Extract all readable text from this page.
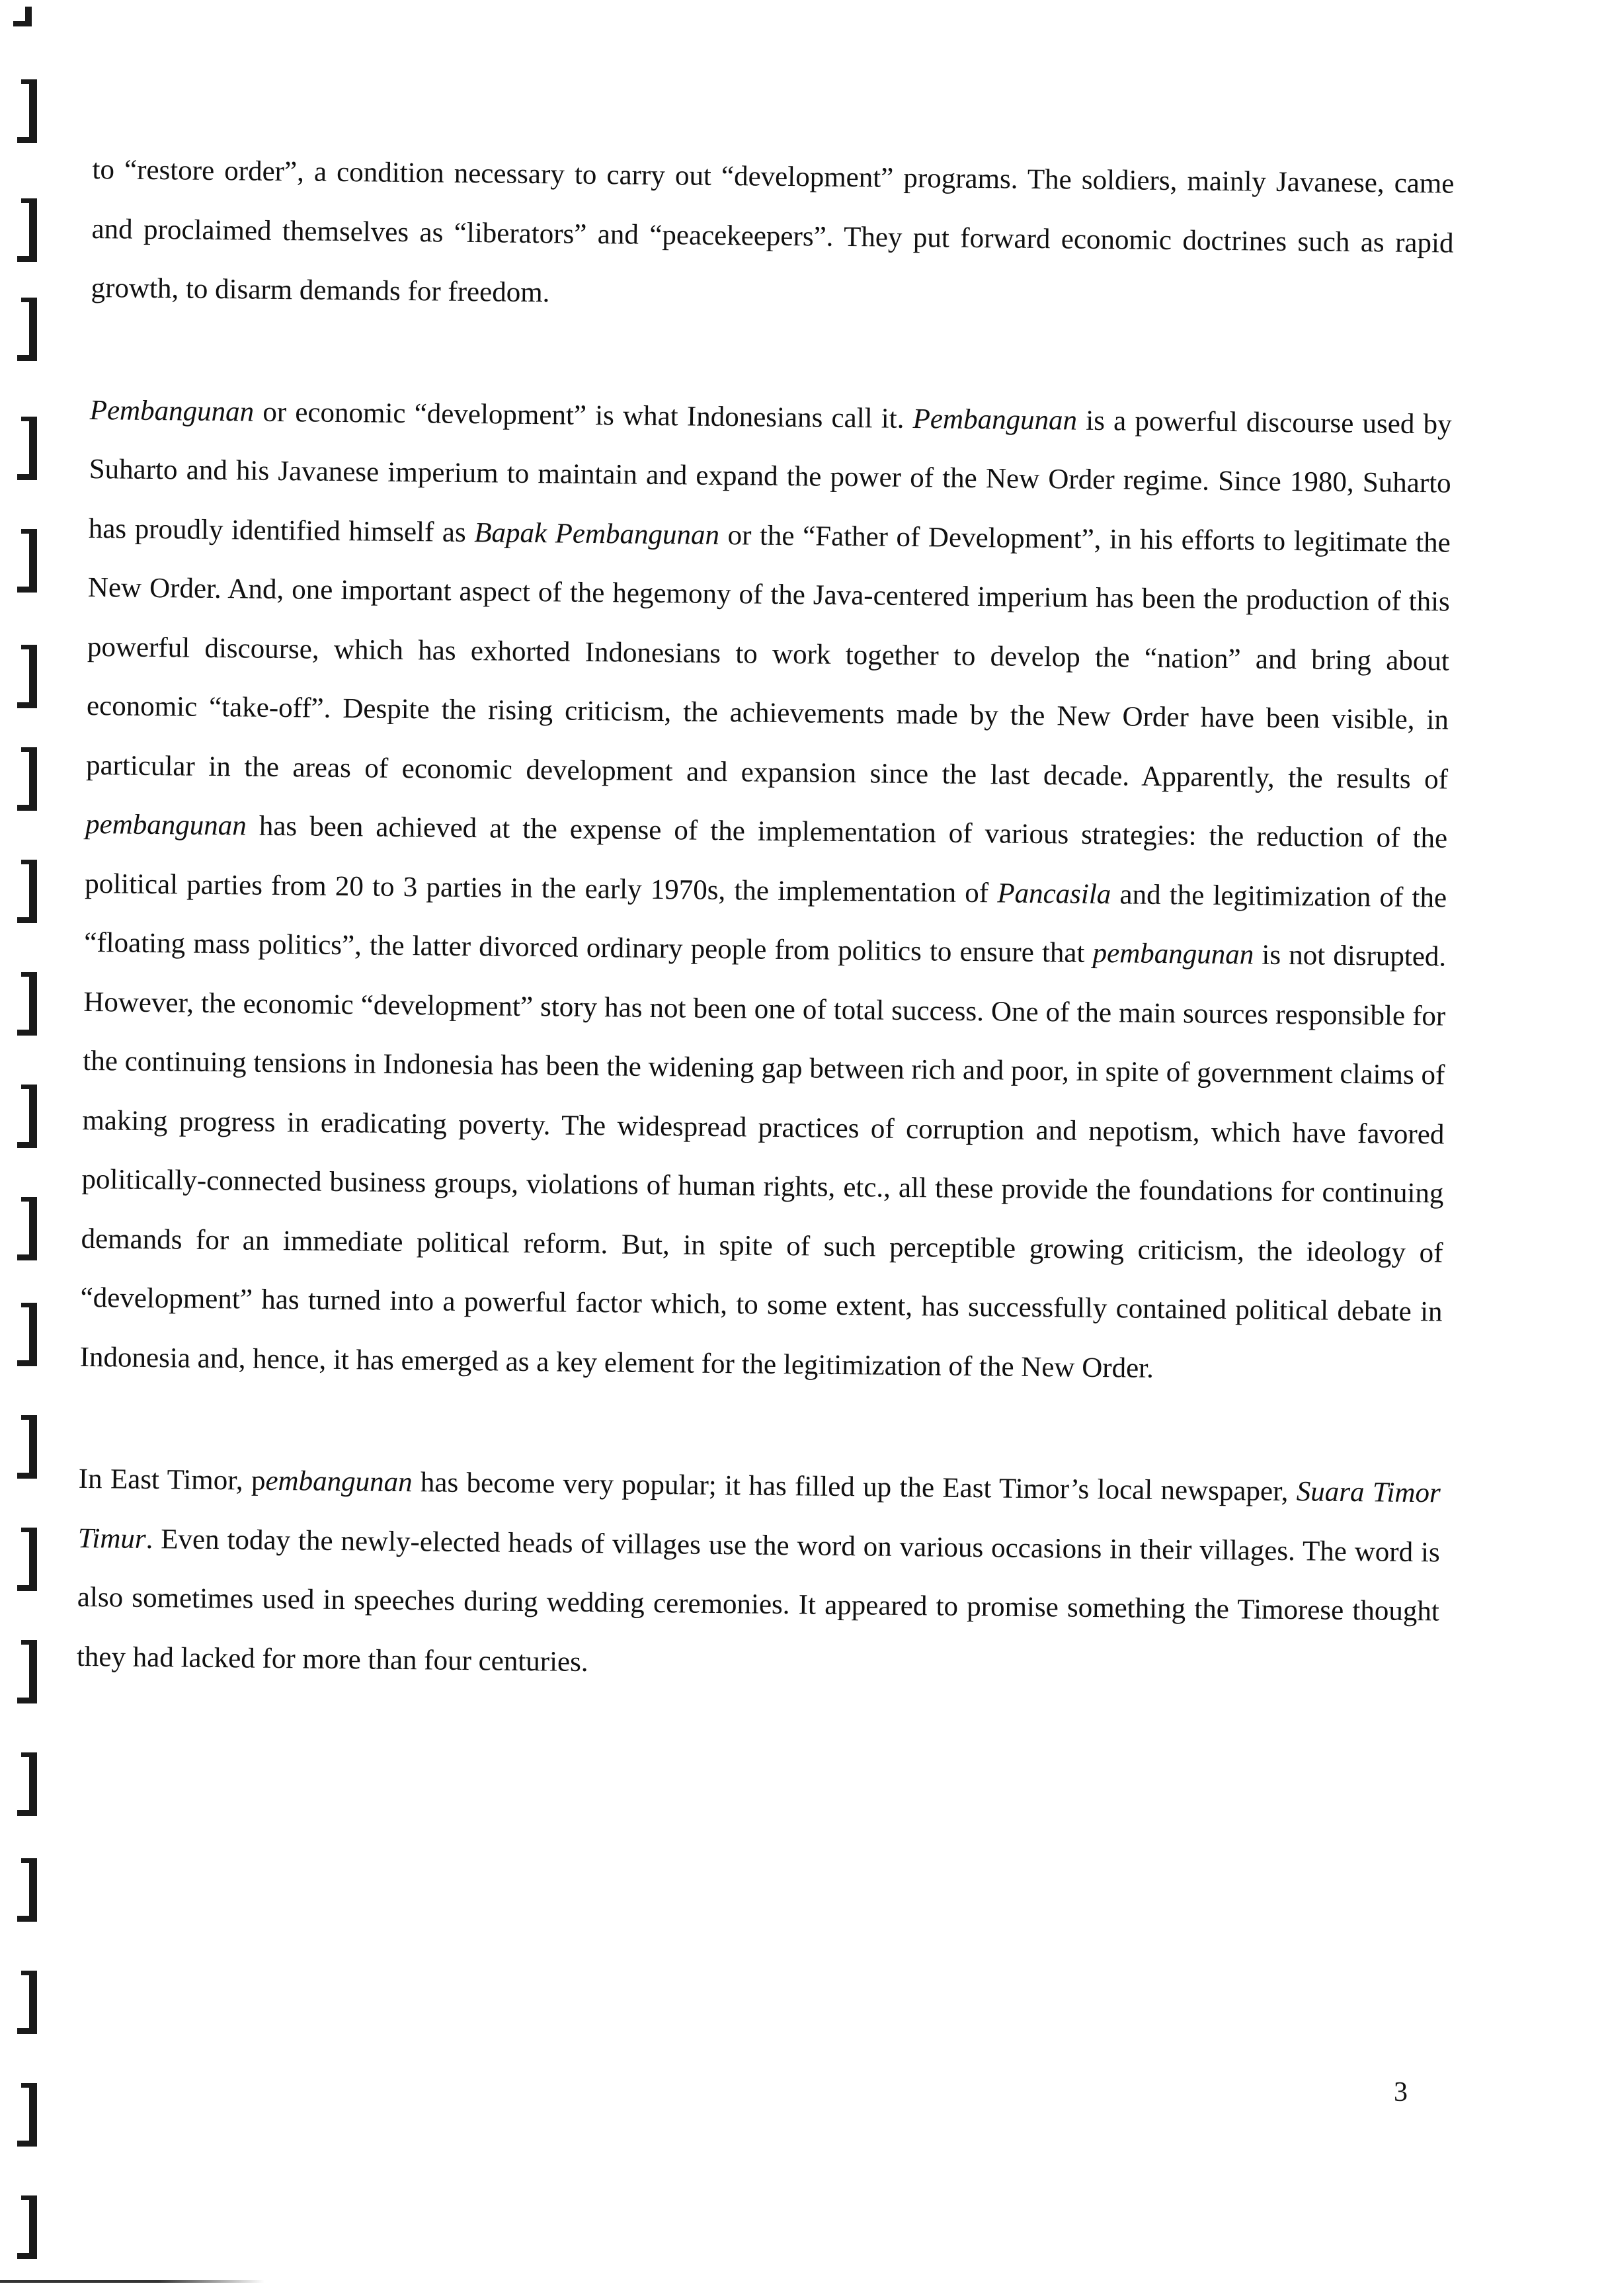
to “restore order”, a condition necessary to carry out “development” programs. The soldiers, mainly Javanese, came and proclaimed themselves as “liberators” and “peacekeepers”. They put forward economic doctrines such as rapid growth, to disarm demands for freedom.

Pembangunan or economic “development” is what Indonesians call it. Pembangunan is a powerful discourse used by Suharto and his Javanese imperium to maintain and expand the power of the New Order regime. Since 1980, Suharto has proudly identified himself as Bapak Pembangunan or the “Father of Development”, in his efforts to legitimate the New Order. And, one important aspect of the hegemony of the Java-centered imperium has been the production of this powerful discourse, which has exhorted Indonesians to work together to develop the “nation” and bring about economic “take-off”. Despite the rising criticism, the achievements made by the New Order have been visible, in particular in the areas of economic development and expansion since the last decade. Apparently, the results of pembangunan has been achieved at the expense of the implementation of various strategies: the reduction of the political parties from 20 to 3 parties in the early 1970s, the implementation of Pancasila and the legitimization of the “floating mass politics”, the latter divorced ordinary people from politics to ensure that pembangunan is not disrupted. However, the economic “development” story has not been one of total success. One of the main sources responsible for the continuing tensions in Indonesia has been the widening gap between rich and poor, in spite of government claims of making progress in eradicating poverty. The widespread practices of corruption and nepotism, which have favored politically-connected business groups, violations of human rights, etc., all these provide the foundations for continuing demands for an immediate political reform. But, in spite of such perceptible growing criticism, the ideology of “development” has turned into a powerful factor which, to some extent, has successfully contained political debate in Indonesia and, hence, it has emerged as a key element for the legitimization of the New Order.

In East Timor, pembangunan has become very popular; it has filled up the East Timor’s local newspaper, Suara Timor Timur. Even today the newly-elected heads of villages use the word on various occasions in their villages. The word is also sometimes used in speeches during wedding ceremonies. It appeared to promise something the Timorese thought they had lacked for more than four centuries.

3
